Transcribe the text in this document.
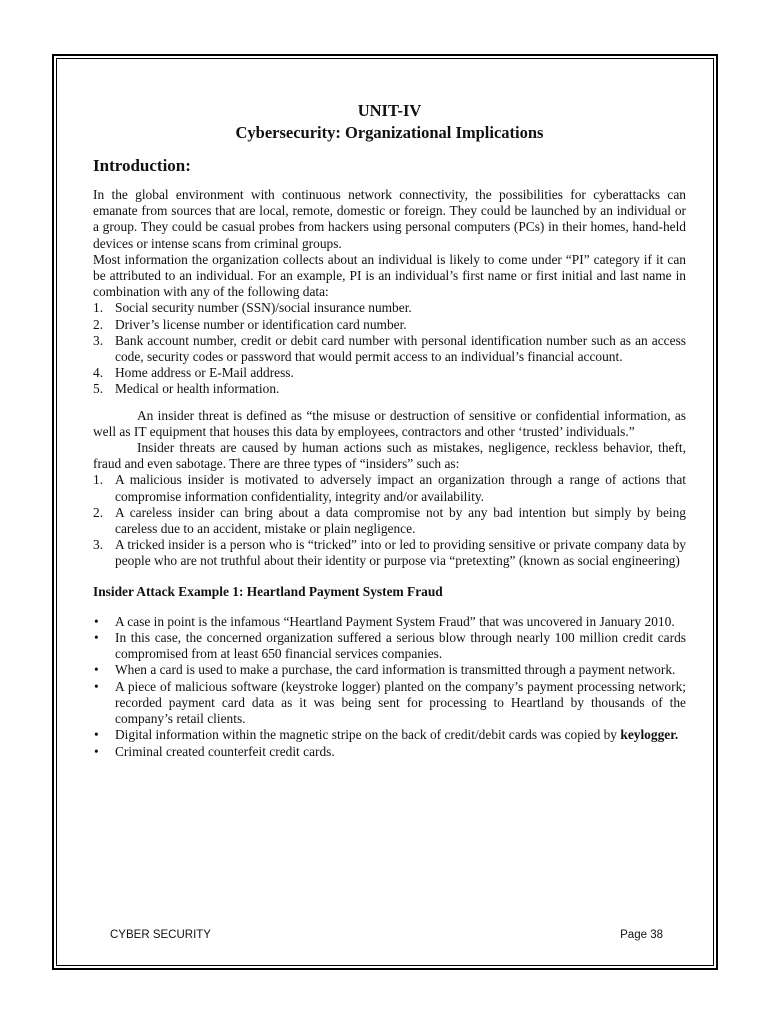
UNIT-IV
Cybersecurity: Organizational Implications
Introduction:

In the global environment with continuous network connectivity, the possibilities for cyberattacks can emanate from sources that are local, remote, domestic or foreign. They could be launched by an individual or a group. They could be casual probes from hackers using personal computers (PCs) in their homes, hand-held devices or intense scans from criminal groups.

Most information the organization collects about an individual is likely to come under “PI” category if it can be attributed to an individual. For an example, PI is an individual’s first name or first initial and last name in combination with any of the following data:

1. Social security number (SSN)/social insurance number.
2. Driver’s license number or identification card number.
3. Bank account number, credit or debit card number with personal identification number such as an access code, security codes or password that would permit access to an individual’s financial account.
4. Home address or E-Mail address.
5. Medical or health information.

An insider threat is defined as “the misuse or destruction of sensitive or confidential information, as well as IT equipment that houses this data by employees, contractors and other ‘trusted’ individuals.”

Insider threats are caused by human actions such as mistakes, negligence, reckless behavior, theft, fraud and even sabotage. There are three types of “insiders” such as:

1. A malicious insider is motivated to adversely impact an organization through a range of actions that compromise information confidentiality, integrity and/or availability.
2. A careless insider can bring about a data compromise not by any bad intention but simply by being careless due to an accident, mistake or plain negligence.
3. A tricked insider is a person who is “tricked” into or led to providing sensitive or private company data by people who are not truthful about their identity or purpose via “pretexting” (known as social engineering)

Insider Attack Example 1: Heartland Payment System Fraud

•	A case in point is the infamous “Heartland Payment System Fraud” that was uncovered in January 2010.
•	In this case, the concerned organization suffered a serious blow through nearly 100 million credit cards compromised from at least 650 financial services companies.
•	When a card is used to make a purchase, the card information is transmitted through a payment network.
•	A piece of malicious software (keystroke logger) planted on the company’s payment processing network; recorded payment card data as it was being sent for processing to Heartland by thousands of the company’s retail clients.
•	Digital information within the magnetic stripe on the back of credit/debit cards was copied by keylogger.
•	Criminal created counterfeit credit cards.
CYBER SECURITY	Page 38
